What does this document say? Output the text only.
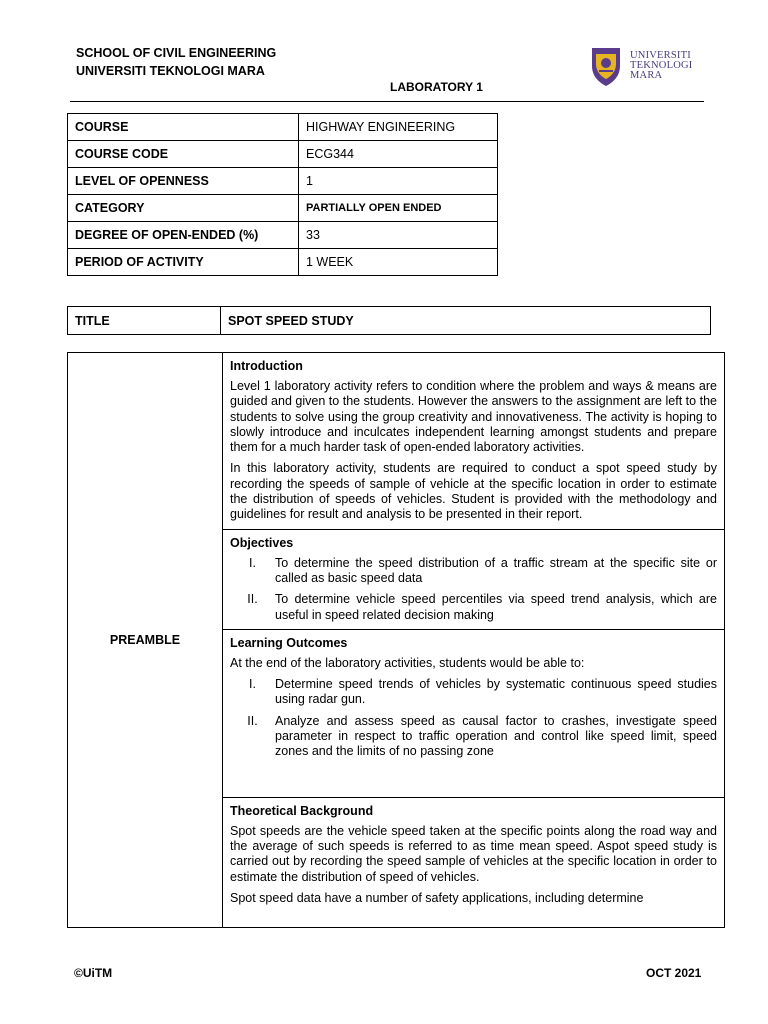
SCHOOL OF CIVIL ENGINEERING
UNIVERSITI TEKNOLOGI MARA
UNIVERSITI
TEKNOLOGI
MARA
LABORATORY 1
COURSE	HIGHWAY ENGINEERING
COURSE CODE	ECG344
LEVEL OF OPENNESS	1
CATEGORY	PARTIALLY OPEN ENDED
DEGREE OF OPEN-ENDED (%)	33
PERIOD OF ACTIVITY	1 WEEK
TITLE	SPOT SPEED STUDY
PREAMBLE	
Introduction

Level 1 laboratory activity refers to condition where the problem and ways & means are guided and given to the students. However the answers to the assignment are left to the students to solve using the group creativity and innovativeness. The activity is hoping to slowly introduce and inculcates independent learning amongst students and prepare them for a much harder task of open-ended laboratory activities.

In this laboratory activity, students are required to conduct a spot speed study by recording the speeds of sample of vehicle at the specific location in order to estimate the distribution of speeds of vehicles. Student is provided with the methodology and guidelines for result and analysis to be presented in their report.

Objectives
I.	To determine the speed distribution of a traffic stream at the specific site or called as basic speed data
II.	To determine vehicle speed percentiles via speed trend analysis, which are useful in speed related decision making

Learning Outcomes

At the end of the laboratory activities, students would be able to:

I.	Determine speed trends of vehicles by systematic continuous speed studies using radar gun.
II.	Analyze and assess speed as causal factor to crashes, investigate speed parameter in respect to traffic operation and control like speed limit, speed zones and the limits of no passing zone

Theoretical Background

Spot speeds are the vehicle speed taken at the specific points along the road way and the average of such speeds is referred to as time mean speed. Aspot speed study is carried out by recording the speed sample of vehicles at the specific location in order to estimate the distribution of speed of vehicles.

Spot speed data have a number of safety applications, including determine

©UiTM	OCT 2021
